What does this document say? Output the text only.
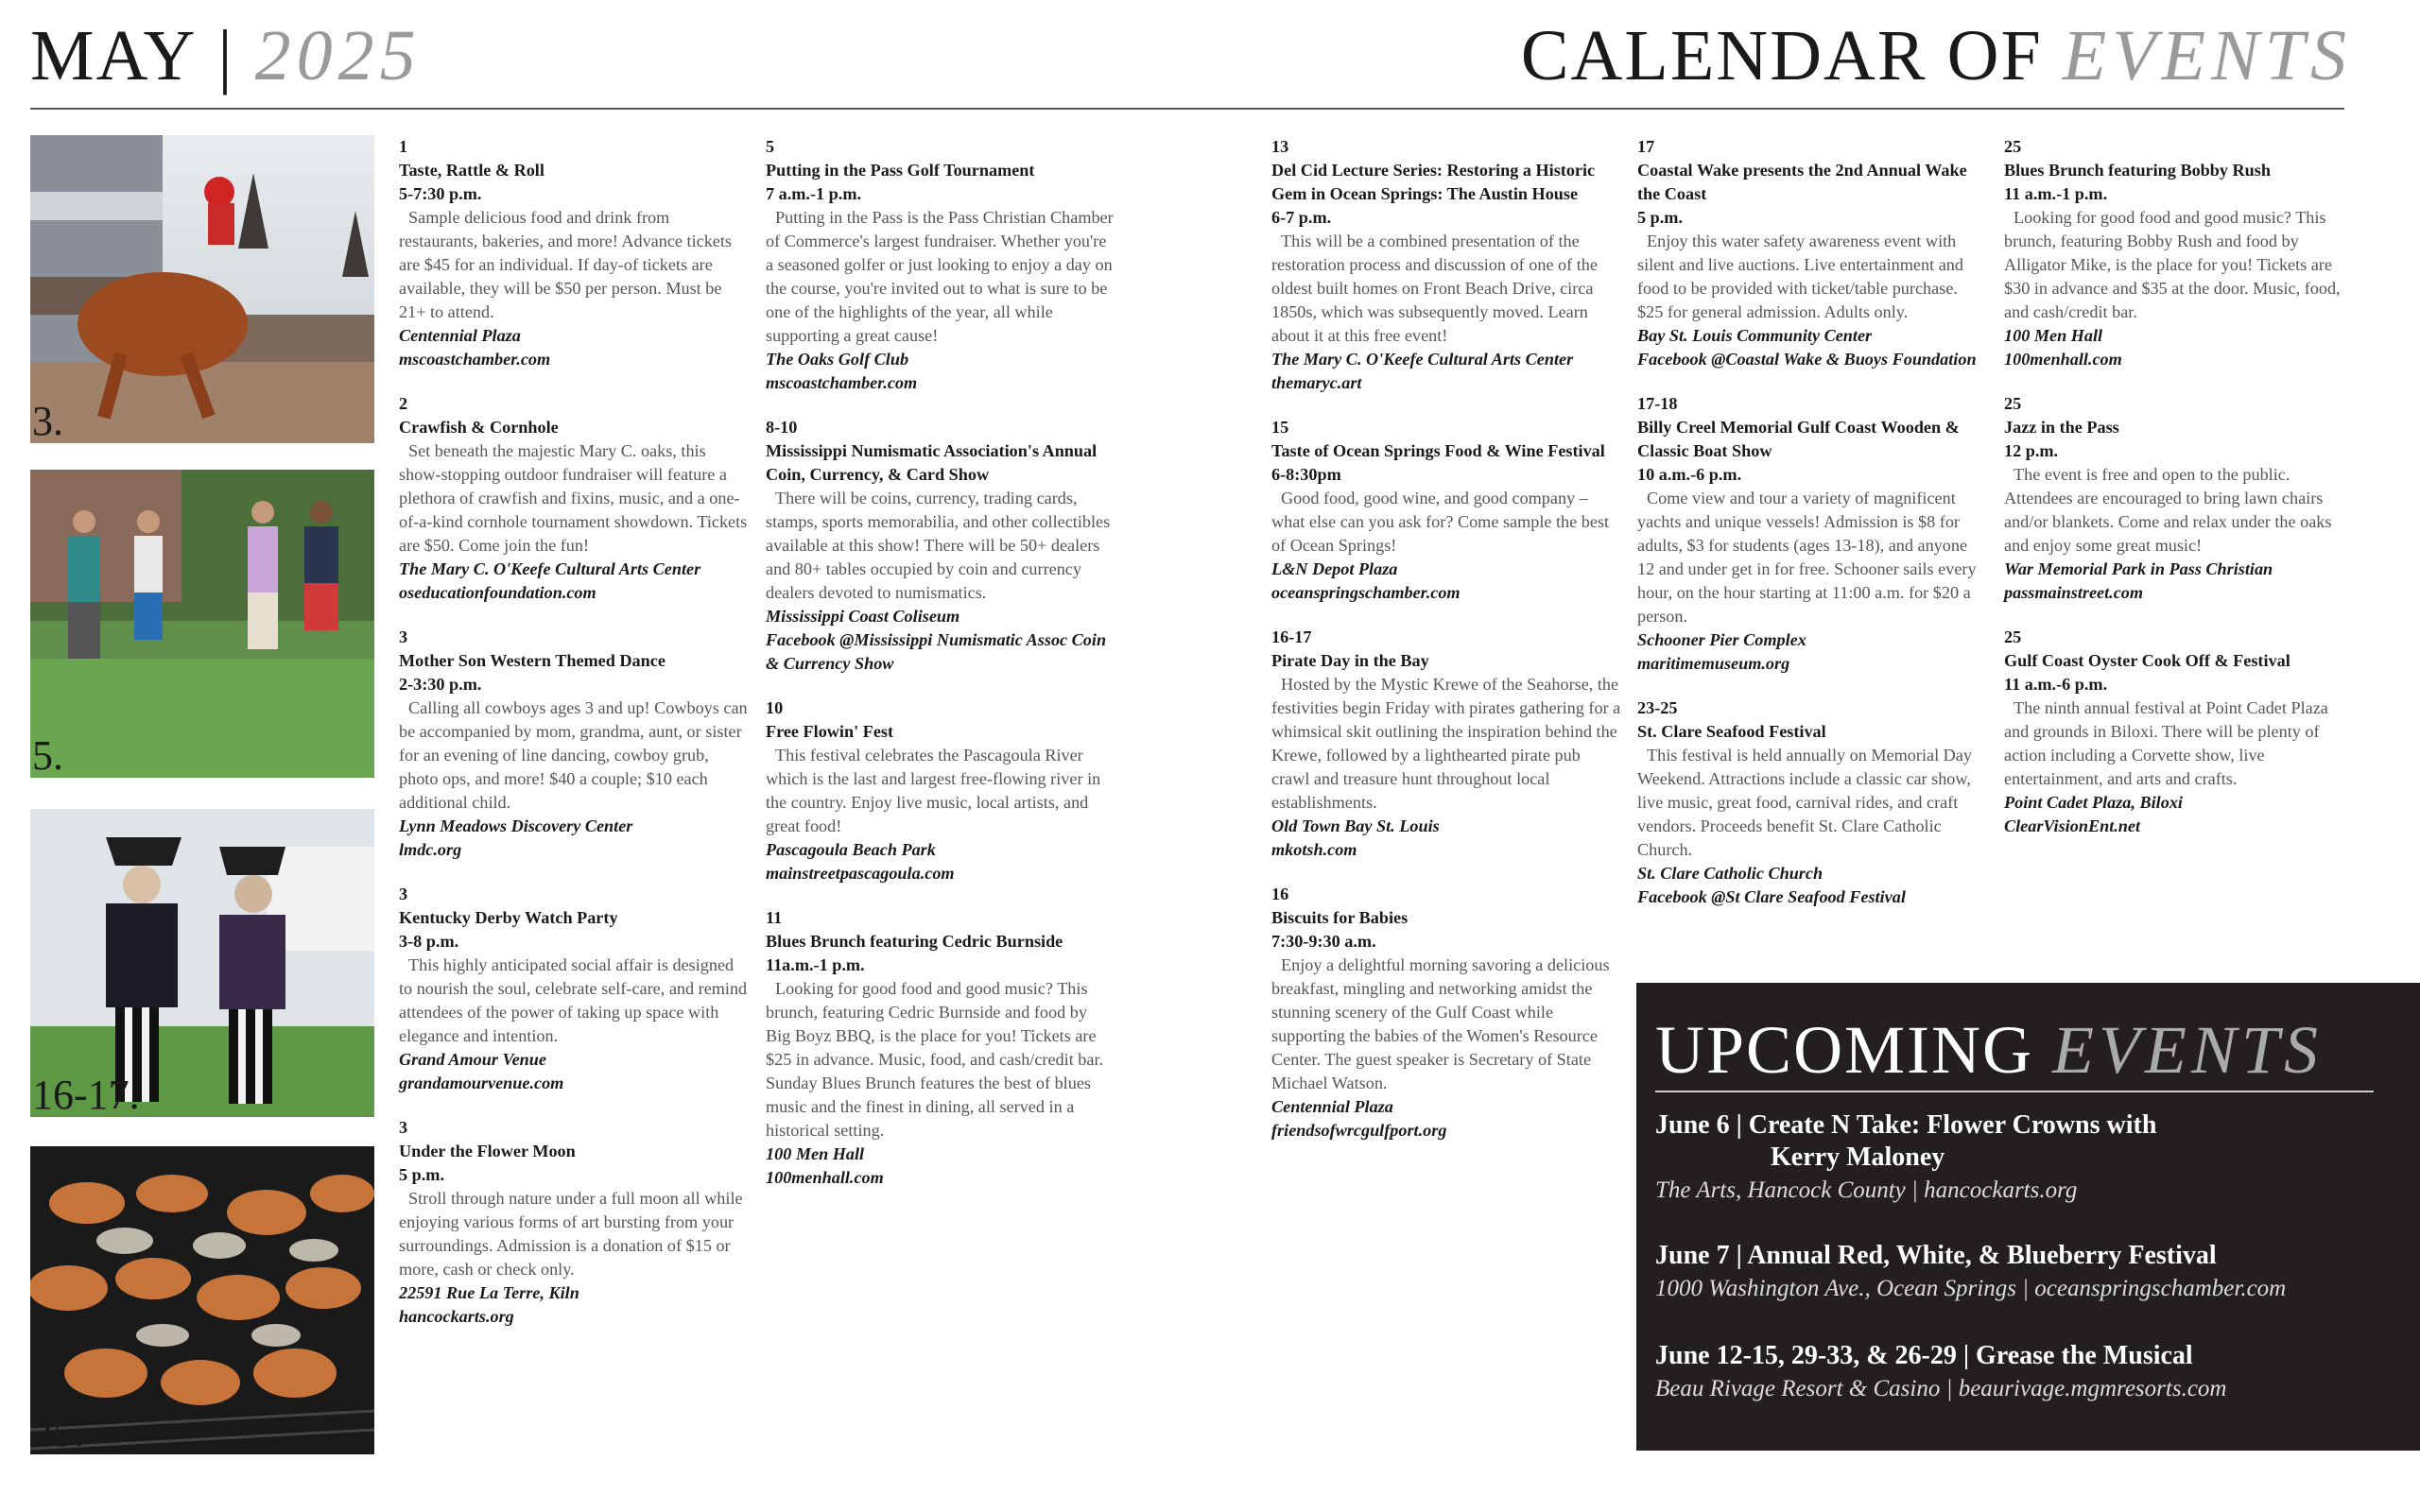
MAY | 2025	CALENDAR OF EVENTS
3.
5.
16-17.
25.
1
Taste, Rattle & Roll
5-7:30 p.m.
Sample delicious food and drink from restaurants, bakeries, and more! Advance tickets are $45 for an individual. If day-of tickets are available, they will be $50 per person. Must be 21+ to attend.
Centennial Plaza
mscoastchamber.com
2
Crawfish & Cornhole
Set beneath the majestic Mary C. oaks, this show-stopping outdoor fundraiser will feature a plethora of crawfish and fixins, music, and a one-of-a-kind cornhole tournament showdown. Tickets are $50. Come join the fun!
The Mary C. O'Keefe Cultural Arts Center
oseducationfoundation.com
3
Mother Son Western Themed Dance
2-3:30 p.m.
Calling all cowboys ages 3 and up! Cowboys can be accompanied by mom, grandma, aunt, or sister for an evening of line dancing, cowboy grub, photo ops, and more! $40 a couple; $10 each additional child.
Lynn Meadows Discovery Center
lmdc.org
3
Kentucky Derby Watch Party
3-8 p.m.
This highly anticipated social affair is designed to nourish the soul, celebrate self-care, and remind attendees of the power of taking up space with elegance and intention.
Grand Amour Venue
grandamourvenue.com
3
Under the Flower Moon
5 p.m.
Stroll through nature under a full moon all while enjoying various forms of art bursting from your surroundings. Admission is a donation of $15 or more, cash or check only.
22591 Rue La Terre, Kiln
hancockarts.org
5
Putting in the Pass Golf Tournament
7 a.m.-1 p.m.
Putting in the Pass is the Pass Christian Chamber of Commerce's largest fundraiser. Whether you're a seasoned golfer or just looking to enjoy a day on the course, you're invited out to what is sure to be one of the highlights of the year, all while supporting a great cause!
The Oaks Golf Club
mscoastchamber.com
8-10
Mississippi Numismatic Association's Annual Coin, Currency, & Card Show
There will be coins, currency, trading cards, stamps, sports memorabilia, and other collectibles available at this show! There will be 50+ dealers and 80+ tables occupied by coin and currency dealers devoted to numismatics.
Mississippi Coast Coliseum
Facebook @Mississippi Numismatic Assoc Coin & Currency Show
10
Free Flowin' Fest
This festival celebrates the Pascagoula River which is the last and largest free-flowing river in the country. Enjoy live music, local artists, and great food!
Pascagoula Beach Park
mainstreetpascagoula.com
11
Blues Brunch featuring Cedric Burnside
11a.m.-1 p.m.
Looking for good food and good music? This brunch, featuring Cedric Burnside and food by Big Boyz BBQ, is the place for you! Tickets are $25 in advance. Music, food, and cash/credit bar. Sunday Blues Brunch features the best of blues music and the finest in dining, all served in a historical setting.
100 Men Hall
100menhall.com
13
Del Cid Lecture Series: Restoring a Historic Gem in Ocean Springs: The Austin House
6-7 p.m.
This will be a combined presentation of the restoration process and discussion of one of the oldest built homes on Front Beach Drive, circa 1850s, which was subsequently moved. Learn about it at this free event!
The Mary C. O'Keefe Cultural Arts Center
themaryc.art
15
Taste of Ocean Springs Food & Wine Festival
6-8:30pm
Good food, good wine, and good company – what else can you ask for? Come sample the best of Ocean Springs!
L&N Depot Plaza
oceanspringschamber.com
16-17
Pirate Day in the Bay
Hosted by the Mystic Krewe of the Seahorse, the festivities begin Friday with pirates gathering for a whimsical skit outlining the inspiration behind the Krewe, followed by a lighthearted pirate pub crawl and treasure hunt throughout local establishments.
Old Town Bay St. Louis
mkotsh.com
16
Biscuits for Babies
7:30-9:30 a.m.
Enjoy a delightful morning savoring a delicious breakfast, mingling and networking amidst the stunning scenery of the Gulf Coast while supporting the babies of the Women's Resource Center. The guest speaker is Secretary of State Michael Watson.
Centennial Plaza
friendsofwrcgulfport.org
17
Coastal Wake presents the 2nd Annual Wake the Coast
5 p.m.
Enjoy this water safety awareness event with silent and live auctions. Live entertainment and food to be provided with ticket/table purchase. $25 for general admission. Adults only.
Bay St. Louis Community Center
Facebook @Coastal Wake & Buoys Foundation
17-18
Billy Creel Memorial Gulf Coast Wooden & Classic Boat Show
10 a.m.-6 p.m.
Come view and tour a variety of magnificent yachts and unique vessels! Admission is $8 for adults, $3 for students (ages 13-18), and anyone 12 and under get in for free. Schooner sails every hour, on the hour starting at 11:00 a.m. for $20 a person.
Schooner Pier Complex
maritimemuseum.org
23-25
St. Clare Seafood Festival
This festival is held annually on Memorial Day Weekend. Attractions include a classic car show, live music, great food, carnival rides, and craft vendors. Proceeds benefit St. Clare Catholic Church.
St. Clare Catholic Church
Facebook @St Clare Seafood Festival
25
Blues Brunch featuring Bobby Rush
11 a.m.-1 p.m.
Looking for good food and good music? This brunch, featuring Bobby Rush and food by Alligator Mike, is the place for you! Tickets are $30 in advance and $35 at the door. Music, food, and cash/credit bar.
100 Men Hall
100menhall.com
25
Jazz in the Pass
12 p.m.
The event is free and open to the public. Attendees are encouraged to bring lawn chairs and/or blankets. Come and relax under the oaks and enjoy some great music!
War Memorial Park in Pass Christian
passmainstreet.com
25
Gulf Coast Oyster Cook Off & Festival
11 a.m.-6 p.m.
The ninth annual festival at Point Cadet Plaza and grounds in Biloxi. There will be plenty of action including a Corvette show, live entertainment, and arts and crafts.
Point Cadet Plaza, Biloxi
ClearVisionEnt.net
UPCOMING EVENTS
June 6 | Create N Take: Flower Crowns with
Kerry Maloney
The Arts, Hancock County | hancockarts.org
June 7 | Annual Red, White, & Blueberry Festival
1000 Washington Ave., Ocean Springs | oceanspringschamber.com
June 12-15, 29-33, & 26-29 | Grease the Musical
Beau Rivage Resort & Casino | beaurivage.mgmresorts.com
